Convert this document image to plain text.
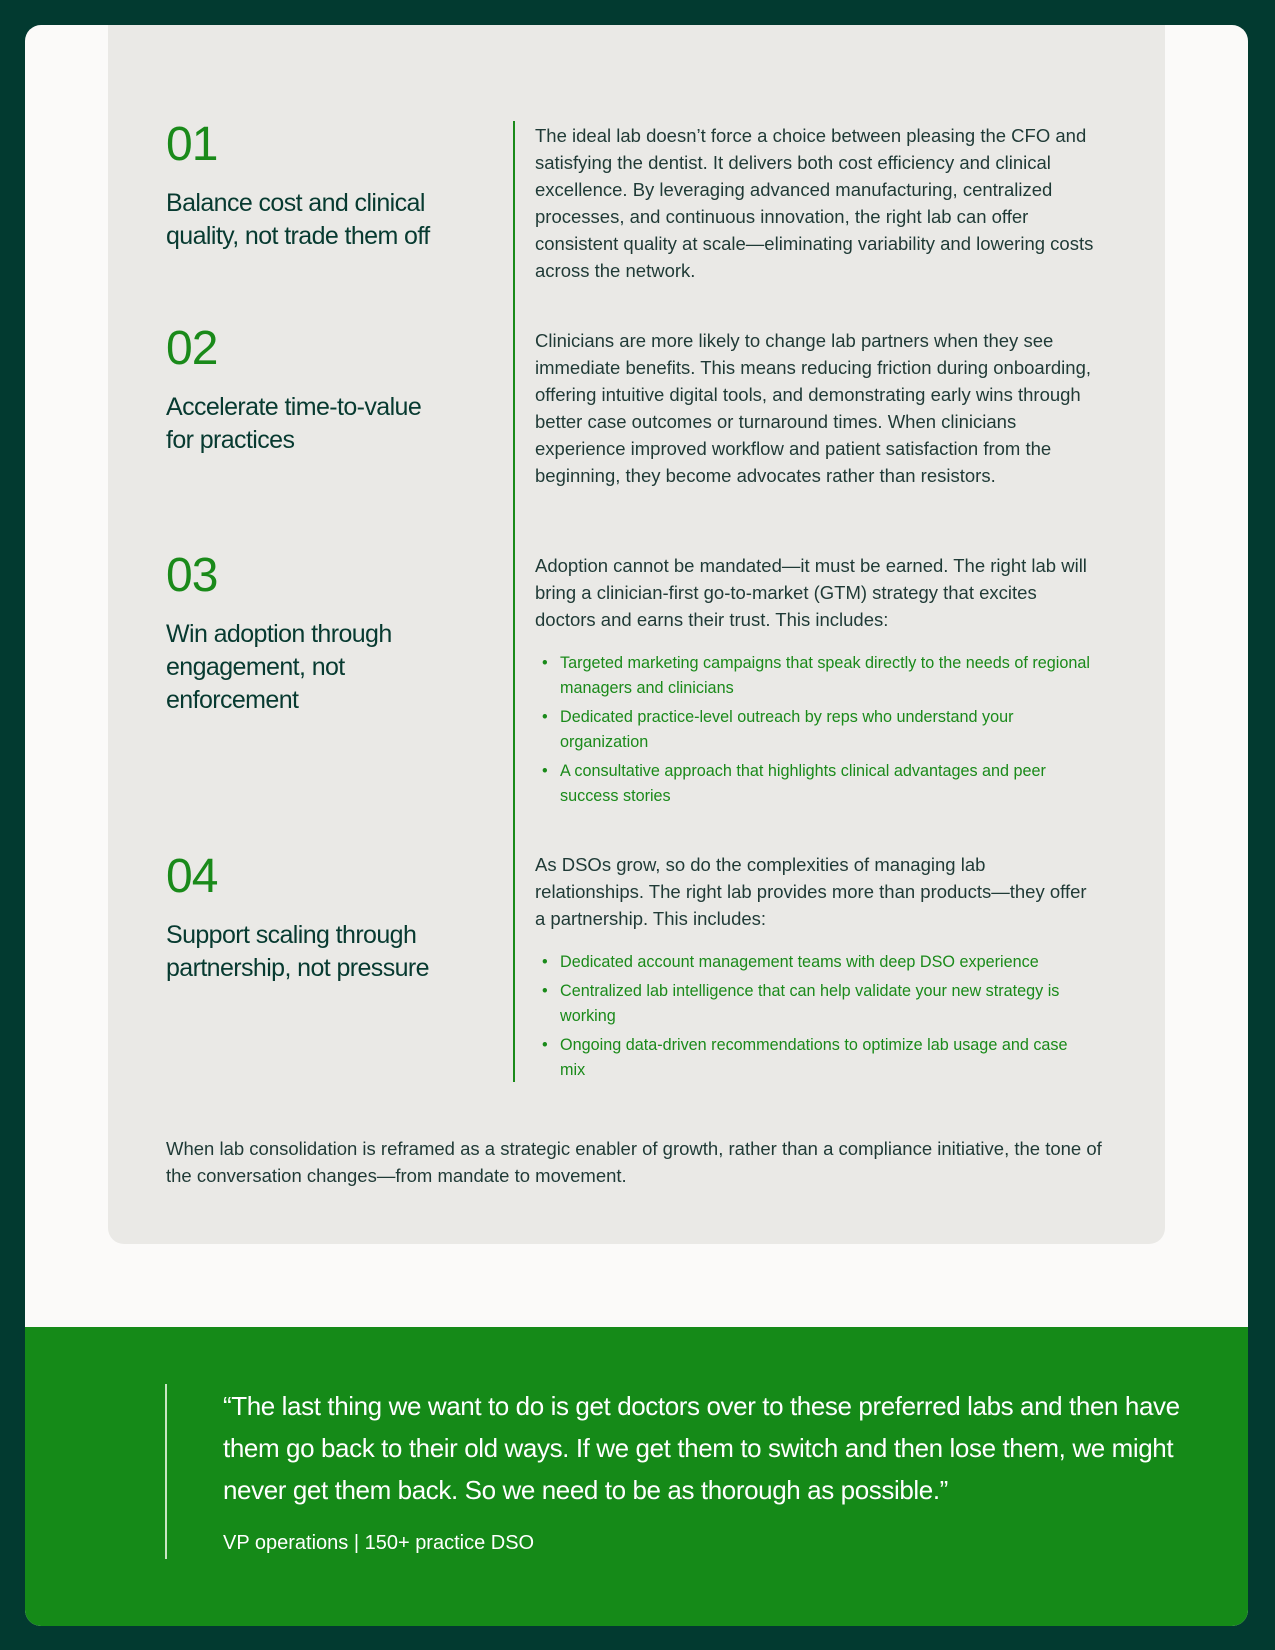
01
Balance cost and clinical quality, not trade them off
The ideal lab doesn’t force a choice between pleasing the CFO and satisfying the dentist. It delivers both cost efficiency and clinical excellence. By leveraging advanced manufacturing, centralized processes, and continuous innovation, the right lab can offer consistent quality at scale—eliminating variability and lowering costs across the network.
02
Accelerate time-to-value for practices
Clinicians are more likely to change lab partners when they see immediate benefits. This means reducing friction during onboarding, offering intuitive digital tools, and demonstrating early wins through better case outcomes or turnaround times. When clinicians experience improved workflow and patient satisfaction from the beginning, they become advocates rather than resistors.
03
Win adoption through engagement, not enforcement
Adoption cannot be mandated—it must be earned. The right lab will bring a clinician-first go-to-market (GTM) strategy that excites doctors and earns their trust. This includes:
• Targeted marketing campaigns that speak directly to the needs of regional managers and clinicians
• Dedicated practice-level outreach by reps who understand your organization
• A consultative approach that highlights clinical advantages and peer success stories
04
Support scaling through partnership, not pressure
As DSOs grow, so do the complexities of managing lab relationships. The right lab provides more than products—they offer a partnership. This includes:
• Dedicated account management teams with deep DSO experience
• Centralized lab intelligence that can help validate your new strategy is working
• Ongoing data-driven recommendations to optimize lab usage and case mix
When lab consolidation is reframed as a strategic enabler of growth, rather than a compliance initiative, the tone of the conversation changes—from mandate to movement.
“The last thing we want to do is get doctors over to these preferred labs and then have them go back to their old ways. If we get them to switch and then lose them, we might never get them back. So we need to be as thorough as possible.”
VP operations | 150+ practice DSO
